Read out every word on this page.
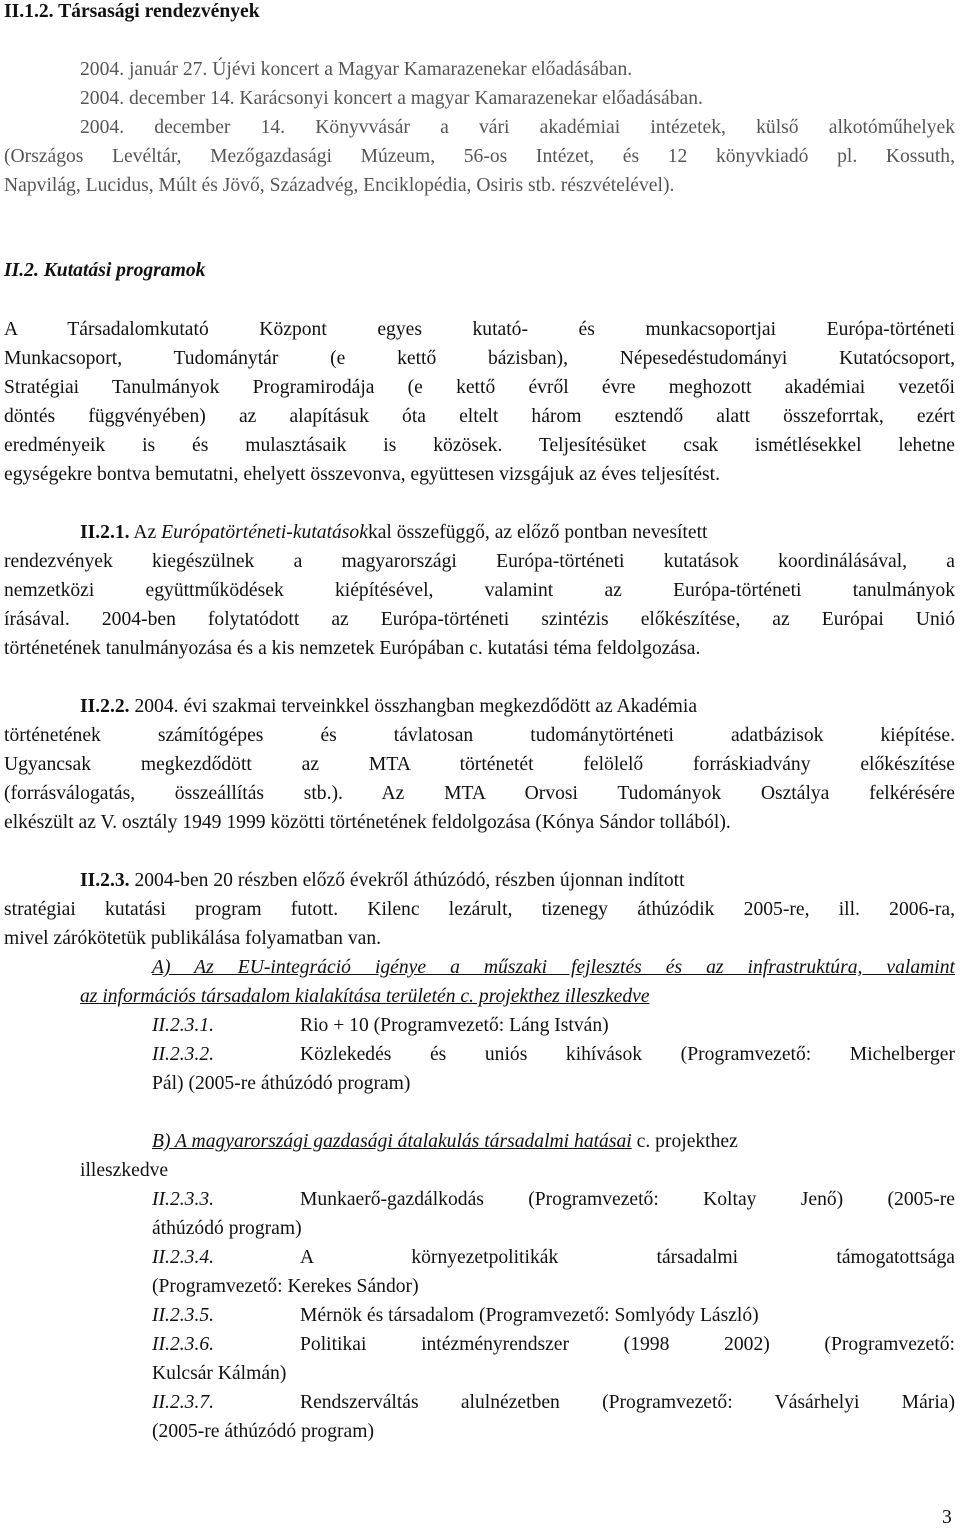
II.1.2. Társasági rendezvények
2004. január 27. Újévi koncert a Magyar Kamarazenekar előadásában.
2004. december 14. Karácsonyi koncert a magyar Kamarazenekar előadásában.
2004. december 14. Könyvvásár a vári akadémiai intézetek, külső alkotóműhelyek
(Országos Levéltár, Mezőgazdasági Múzeum, 56-os Intézet, és 12 könyvkiadó pl. Kossuth,
Napvilág, Lucidus, Múlt és Jövő, Századvég, Enciklopédia, Osiris stb. részvételével).
II.2. Kutatási programok
A Társadalomkutató Központ egyes kutató- és munkacsoportjai Európa-történeti
Munkacsoport, Tudománytár (e kettő bázisban), Népesedéstudományi Kutatócsoport,
Stratégiai Tanulmányok Programirodája (e kettő évről évre meghozott akadémiai vezetői
döntés függvényében) az alapításuk óta eltelt három esztendő alatt összeforrtak, ezért
eredményeik is és mulasztásaik is közösek. Teljesítésüket csak ismétlésekkel lehetne
egységekre bontva bemutatni, ehelyett összevonva, együttesen vizsgájuk az éves teljesítést.
II.2.1. Az Európatörténeti-kutatásokkal összefüggő, az előző pontban nevesített
rendezvények kiegészülnek a magyarországi Európa-történeti kutatások koordinálásával, a
nemzetközi együttműködések kiépítésével, valamint az Európa-történeti tanulmányok
írásával. 2004-ben folytatódott az Európa-történeti szintézis előkészítése, az Európai Unió
történetének tanulmányozása és a kis nemzetek Európában c. kutatási téma feldolgozása.
II.2.2. 2004. évi szakmai terveinkkel összhangban megkezdődött az Akadémia
történetének számítógépes és távlatosan tudománytörténeti adatbázisok kiépítése.
Ugyancsak megkezdődött az MTA történetét felölelő forráskiadvány előkészítése
(forrásválogatás, összeállítás stb.). Az MTA Orvosi Tudományok Osztálya felkérésére
elkészült az V. osztály 1949 1999 közötti történetének feldolgozása (Kónya Sándor tollából).
II.2.3. 2004-ben 20 részben előző évekről áthúzódó, részben újonnan indított
stratégiai kutatási program futott. Kilenc lezárult, tizenegy áthúzódik 2005-re, ill. 2006-ra,
mivel zárókötetük publikálása folyamatban van.
A) Az EU-integráció igénye a műszaki fejlesztés és az infrastruktúra, valamint
az információs társadalom kialakítása területén c. projekthez illeszkedve
II.2.3.1.	Rio + 10 (Programvezető: Láng István)
II.2.3.2.	Közlekedés és uniós kihívások (Programvezető: Michelberger
Pál) (2005-re áthúzódó program)
B) A magyarországi gazdasági átalakulás társadalmi hatásai c. projekthez
illeszkedve
II.2.3.3.	Munkaerő-gazdálkodás (Programvezető: Koltay Jenő) (2005-re
áthúzódó program)
II.2.3.4.	A környezetpolitikák társadalmi támogatottsága
(Programvezető: Kerekes Sándor)
II.2.3.5.	Mérnök és társadalom (Programvezető: Somlyódy László)
II.2.3.6.	Politikai intézményrendszer (1998 2002) (Programvezető:
Kulcsár Kálmán)
II.2.3.7.	Rendszerváltás alulnézetben (Programvezető: Vásárhelyi Mária)
(2005-re áthúzódó program)
3
